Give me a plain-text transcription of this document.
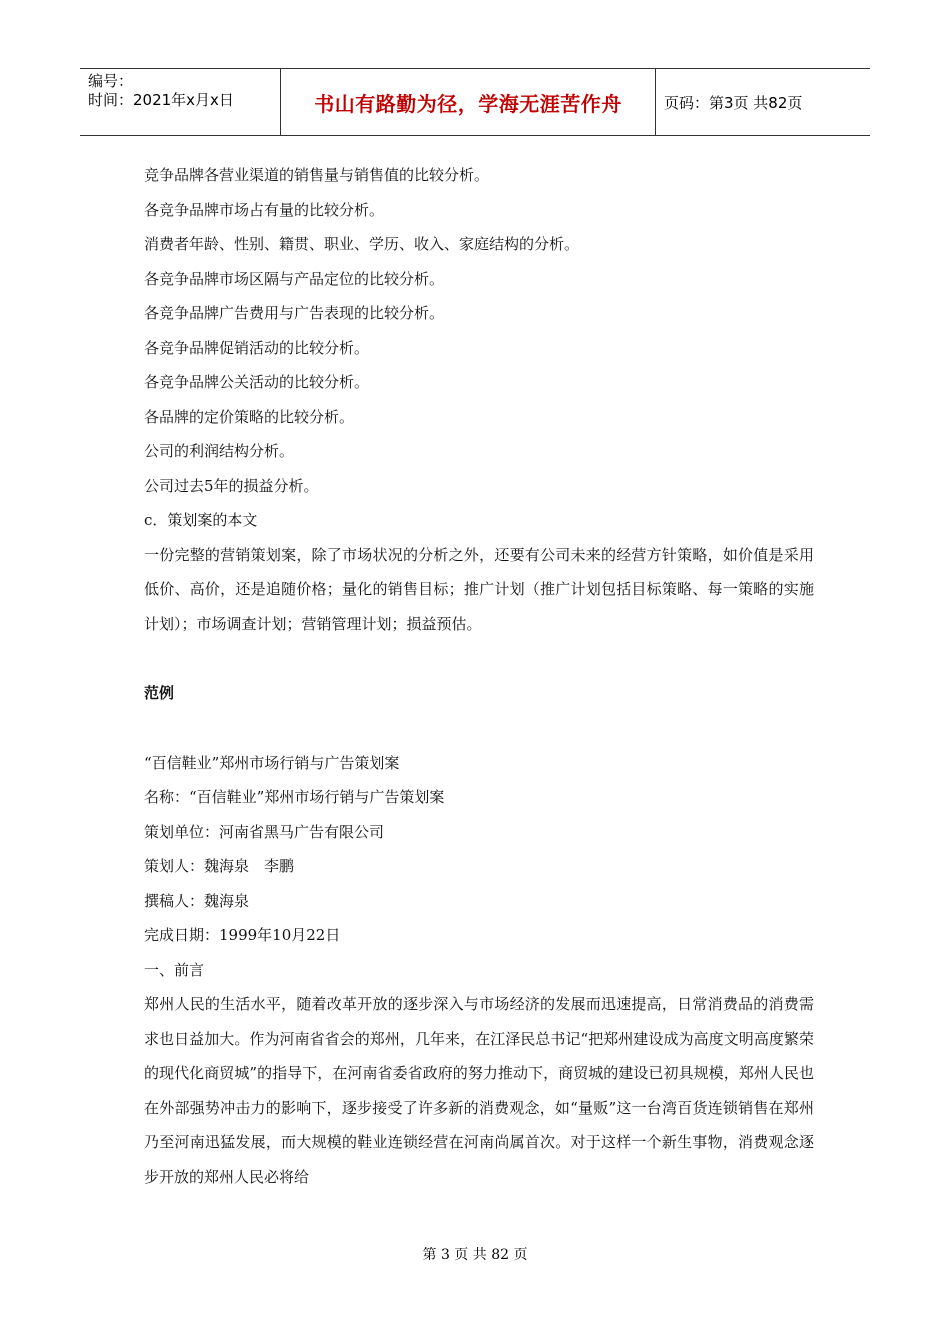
编号：
时间：2021年x月x日	书山有路勤为径，学海无涯苦作舟	页码：第3页 共82页

竞争品牌各营业渠道的销售量与销售值的比较分析。

各竞争品牌市场占有量的比较分析。

消费者年龄、性别、籍贯、职业、学历、收入、家庭结构的分析。

各竞争品牌市场区隔与产品定位的比较分析。

各竞争品牌广告费用与广告表现的比较分析。

各竞争品牌促销活动的比较分析。

各竞争品牌公关活动的比较分析。

各品牌的定价策略的比较分析。

公司的利润结构分析。

公司过去5年的损益分析。

c．策划案的本文

一份完整的营销策划案，除了市场状况的分析之外，还要有公司未来的经营方针策略，如价值是采用低价、高价，还是追随价格；量化的销售目标；推广计划（推广计划包括目标策略、每一策略的实施计划）；市场调查计划；营销管理计划；损益预估。

范例

“百信鞋业”郑州市场行销与广告策划案

名称：“百信鞋业”郑州市场行销与广告策划案

策划单位：河南省黑马广告有限公司

策划人：魏海泉　李鹏

撰稿人：魏海泉

完成日期：1999年10月22日

一、前言

郑州人民的生活水平，随着改革开放的逐步深入与市场经济的发展而迅速提高，日常消费品的消费需求也日益加大。作为河南省省会的郑州，几年来，在江泽民总书记“把郑州建设成为高度文明高度繁荣的现代化商贸城”的指导下，在河南省委省政府的努力推动下，商贸城的建设已初具规模，郑州人民也在外部强势冲击力的影响下，逐步接受了许多新的消费观念，如“量贩”这一台湾百货连锁销售在郑州乃至河南迅猛发展，而大规模的鞋业连锁经营在河南尚属首次。对于这样一个新生事物，消费观念逐步开放的郑州人民必将给

第 3 页 共 82 页
